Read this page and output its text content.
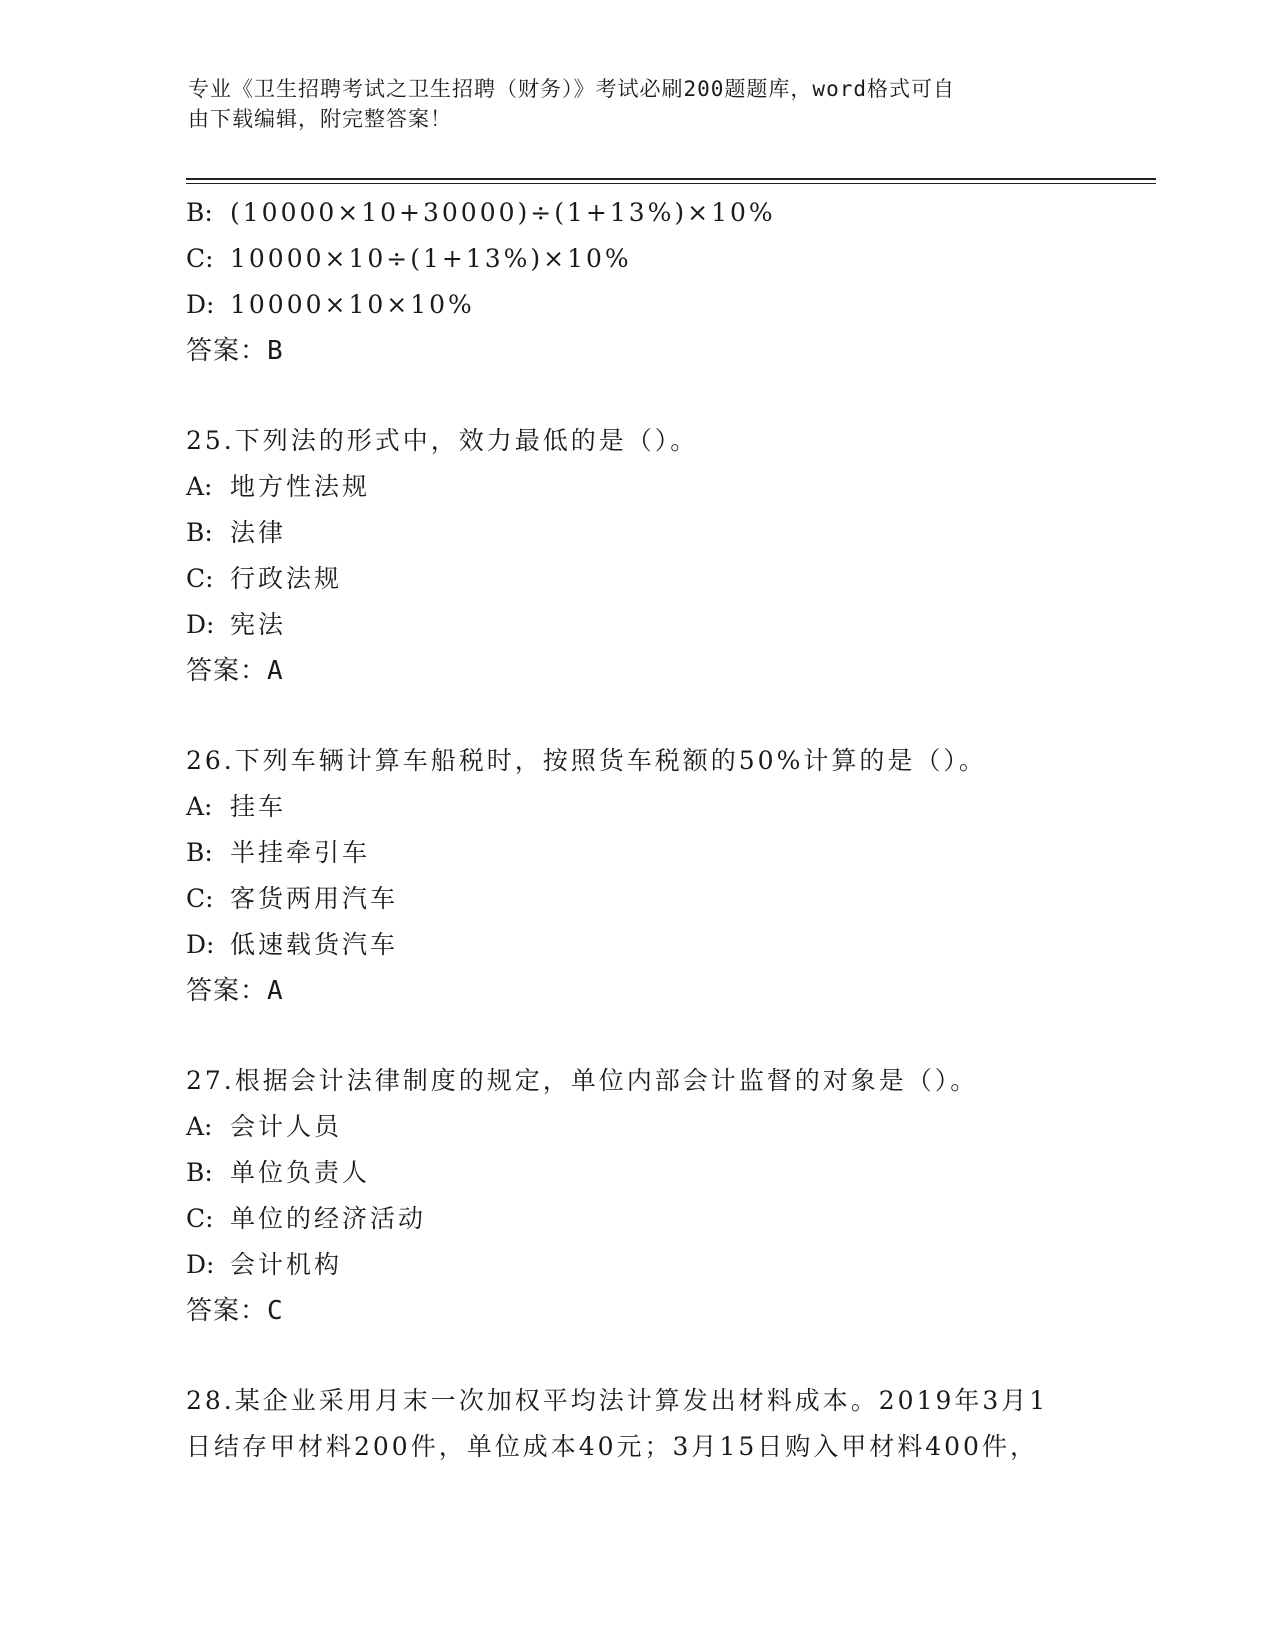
专业《卫生招聘考试之卫生招聘（财务）》考试必刷200题题库，word格式可自
由下载编辑，附完整答案！
B: (10000×10+30000)÷(1+13%)×10%
C: 10000×10÷(1+13%)×10%
D: 10000×10×10%
答案：B
25.下列法的形式中，效力最低的是（）。
A: 地方性法规
B: 法律
C: 行政法规
D: 宪法
答案：A
26.下列车辆计算车船税时，按照货车税额的50%计算的是（）。
A: 挂车
B: 半挂牵引车
C: 客货两用汽车
D: 低速载货汽车
答案：A
27.根据会计法律制度的规定，单位内部会计监督的对象是（）。
A: 会计人员
B: 单位负责人
C: 单位的经济活动
D: 会计机构
答案：C
28.某企业采用月末一次加权平均法计算发出材料成本。2019年3月1
日结存甲材料200件，单位成本40元；3月15日购入甲材料400件，
